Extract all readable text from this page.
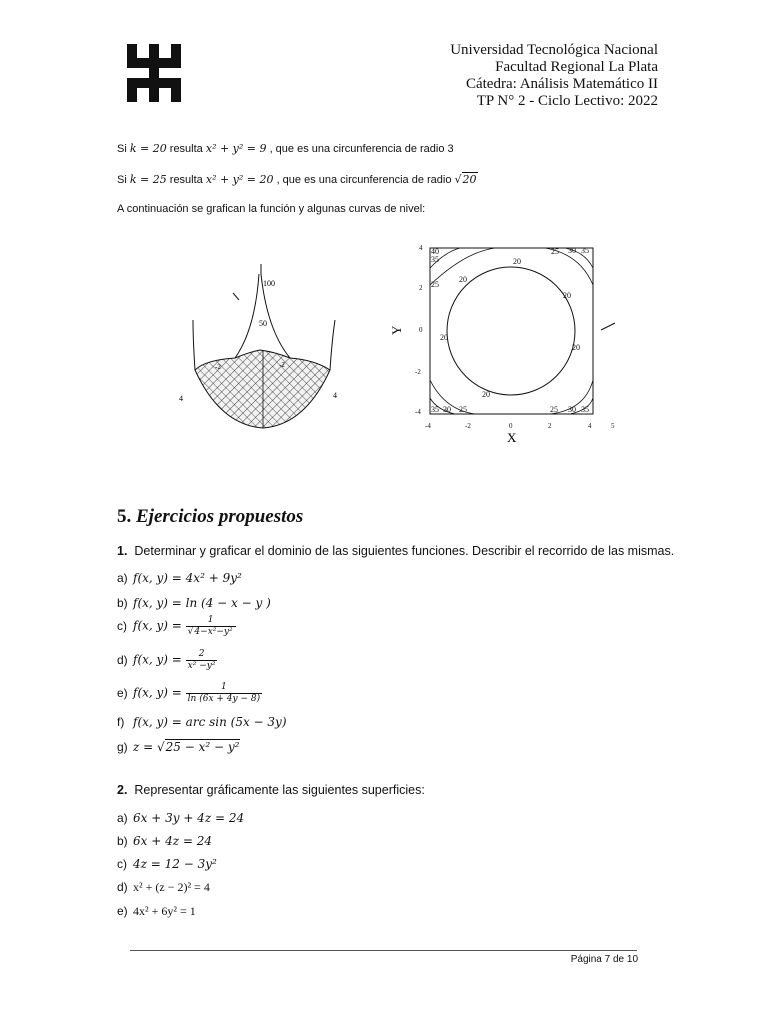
Universidad Tecnológica Nacional
Facultad Regional La Plata
Cátedra: Análisis Matemático II
TP N° 2 - Ciclo Lectivo: 2022
Si k = 20 resulta x² + y² = 9 , que es una circunferencia de radio 3
Si k = 25 resulta x² + y² = 20 , que es una circunferencia de radio √20
A continuación se grafican la función y algunas curvas de nivel:
100
50
4	4
-2
-2
20
20
20
20
20
20
25
25
25	25
30 35
35
40
30 35
35 30
4
2
0
-2
-4
-4	-2	0	2	4	5
X
Y
5. Ejercicios propuestos
1. Determinar y graficar el dominio de las siguientes funciones. Describir el recorrido de las mismas.
a) f(x, y) = 4x² + 9y²
b) f(x, y) = ln (4 − x − y )
c) f(x, $y) = \frac{1}{\text{√4−x²−y²}}$
d) f(x, $y) = \frac{2}{\text{x² −y²}}$
e) f(x, $y) = \frac{1}{\ln (6x + 4y - 8)}$
f) f(x, y) = arc sin (5x − 3y)
g) z = √25 − x² − y²
2. Representar gráficamente las siguientes superficies:
a) 6x + 3y + 4z = 24
b) 6x + 4z = 24
c) 4z = 12 − 3y²
d) x² + (z − 2)² = 4
e) 4x² + 6y² = 1
Página 7 de 10
